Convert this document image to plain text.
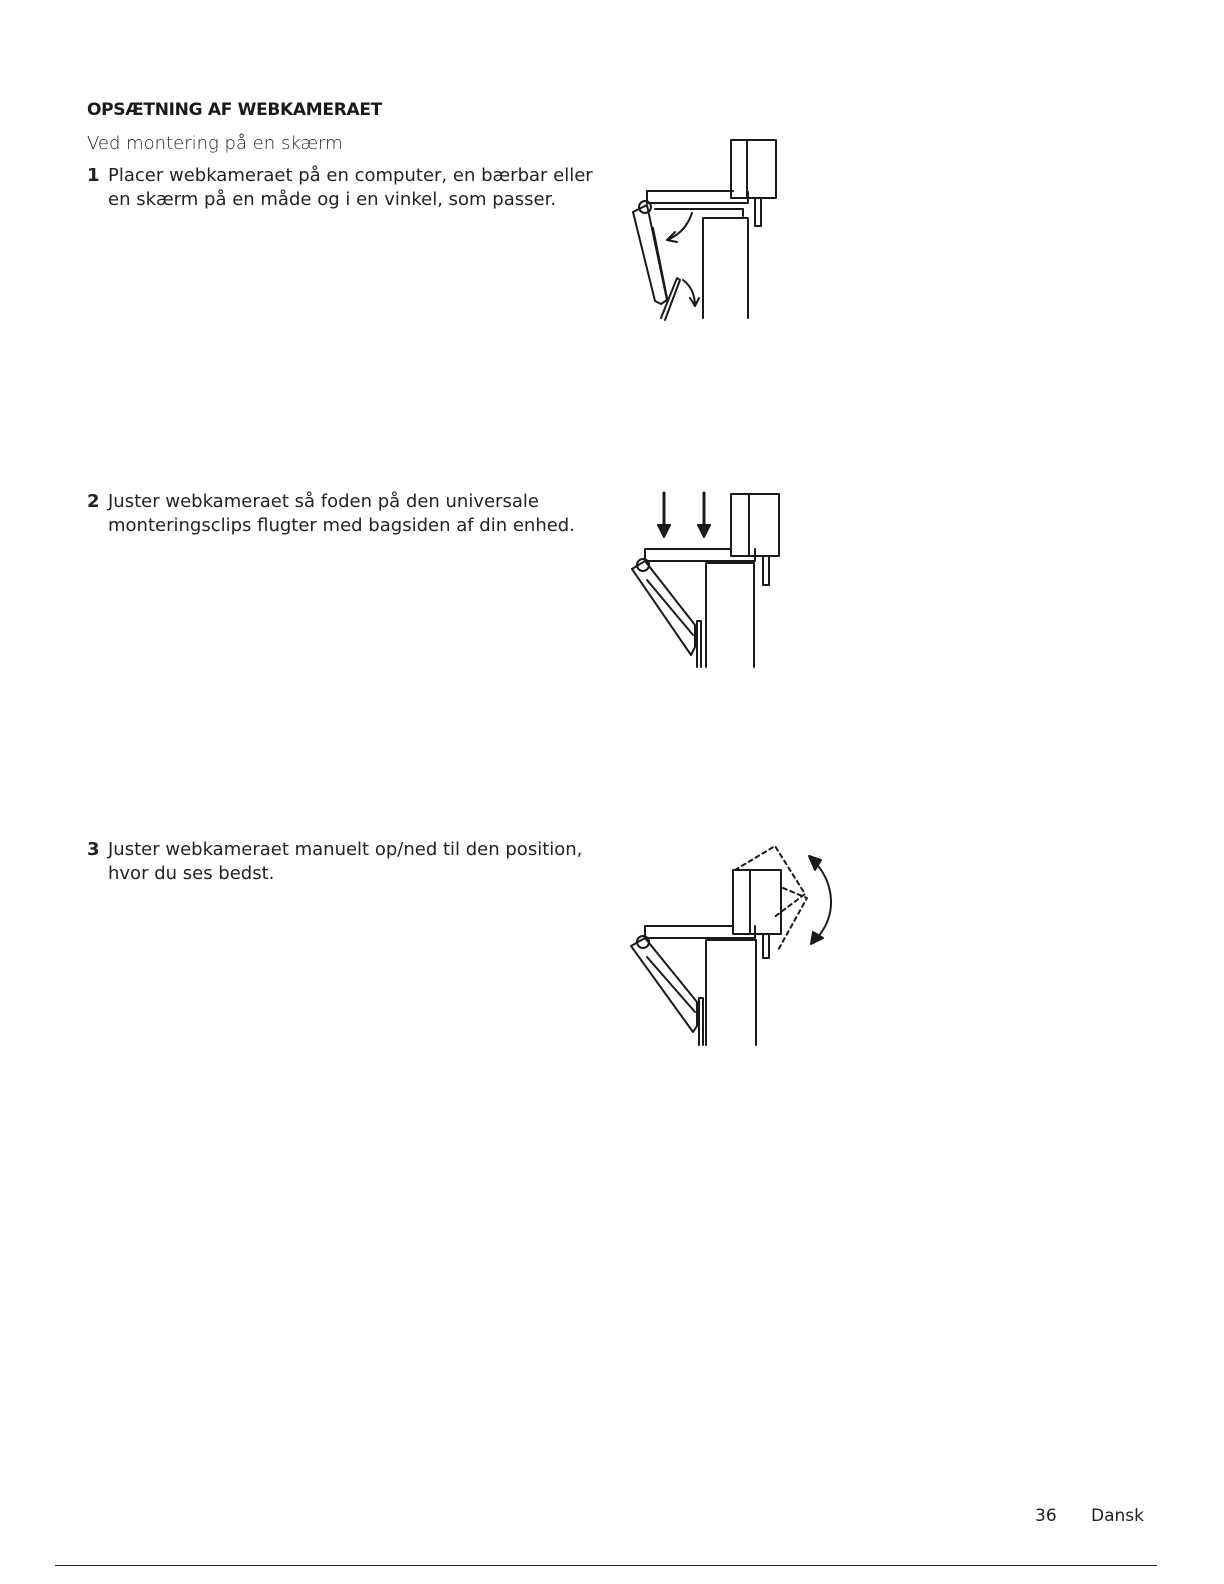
OPSÆTNING AF WEBKAMERAET

Ved montering på en skærm

1 Placer webkameraet på en computer, en bærbar eller en skærm på en måde og i en vinkel, som passer.
2 Juster webkameraet så foden på den universale monteringsclips flugter med bagsiden af din enhed.
3 Juster webkameraet manuelt op/ned til den position, hvor du ses bedst.
36 Dansk
